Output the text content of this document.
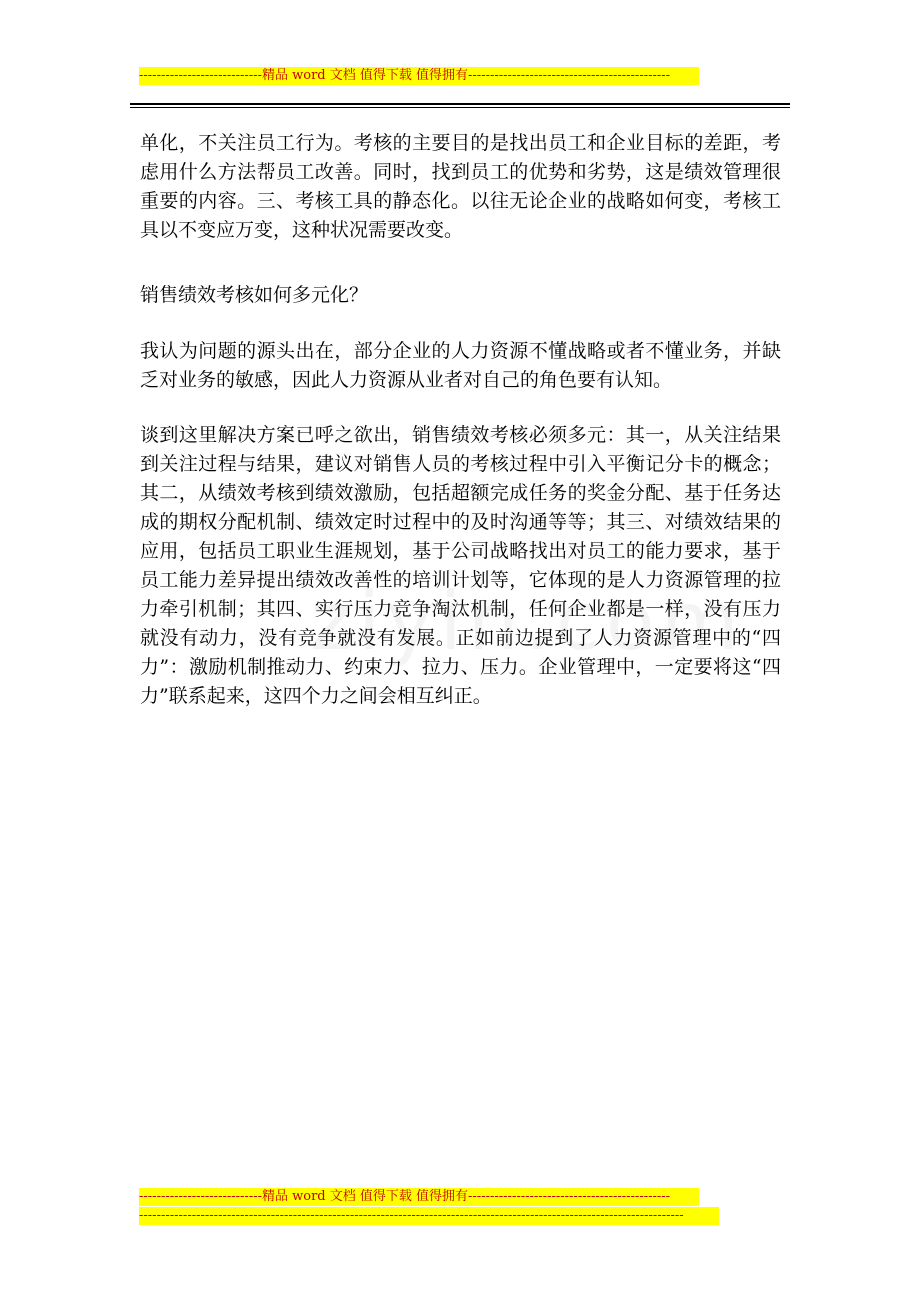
----------------------------精品 word 文档 值得下载 值得拥有----------------------------------------------

单化，不关注员工行为。考核的主要目的是找出员工和企业目标的差距，考虑用什么方法帮员工改善。同时，找到员工的优势和劣势，这是绩效管理很重要的内容。三、考核工具的静态化。以往无论企业的战略如何变，考核工具以不变应万变，这种状况需要改变。

销售绩效考核如何多元化？

我认为问题的源头出在，部分企业的人力资源不懂战略或者不懂业务，并缺乏对业务的敏感，因此人力资源从业者对自己的角色要有认知。

谈到这里解决方案已呼之欲出，销售绩效考核必须多元：其一，从关注结果到关注过程与结果，建议对销售人员的考核过程中引入平衡记分卡的概念；其二，从绩效考核到绩效激励，包括超额完成任务的奖金分配、基于任务达成的期权分配机制、绩效定时过程中的及时沟通等等；其三、对绩效结果的应用，包括员工职业生涯规划，基于公司战略找出对员工的能力要求，基于员工能力差异提出绩效改善性的培训计划等，它体现的是人力资源管理的拉力牵引机制；其四、实行压力竞争淘汰机制，任何企业都是一样，没有压力就没有动力，没有竞争就没有发展。正如前边提到了人力资源管理中的“四力”：激励机制推动力、约束力、拉力、压力。企业管理中，一定要将这“四力”联系起来，这四个力之间会相互纠正。

----------------------------精品 word 文档 值得下载 值得拥有----------------------------------------------
----------------------------------------------------------------------------------------------------------------------------
